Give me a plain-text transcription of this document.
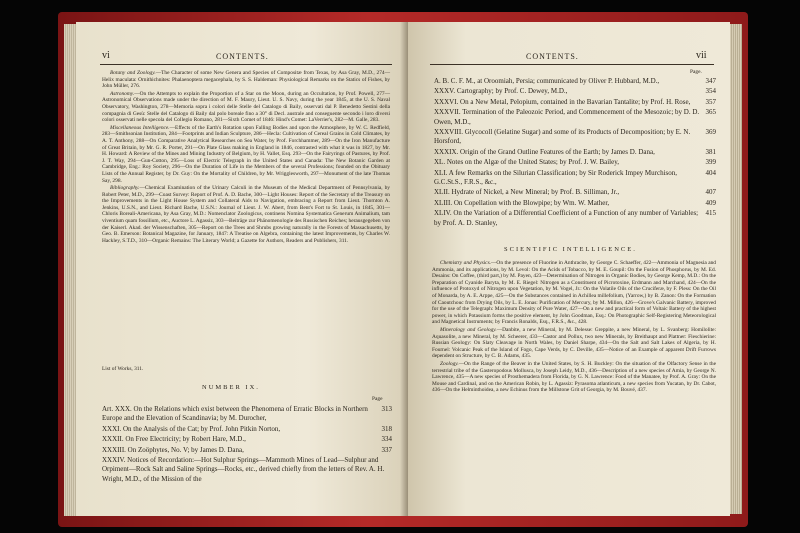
vi	CONTENTS.
Botany and Zoology.—The Character of some New Genera and Species of Compositæ from Texas, by Asa Gray, M.D., 274—Helix maculata: Ornithichnites: Phalaenoptera megacephala, by S. S. Haldeman: Physiological Remarks on the Statics of Fishes, by John Müller, 276.
Astronomy.—On the Attempts to explain the Proportion of a Star on the Moon, during an Occultation, by Prof. Powell, 277—Astronomical Observations made under the direction of M. F. Maury, Lieut. U. S. Navy, during the year 1845, at the U. S. Naval Observatory, Washington, 278—Memoria sopra i colori delle Stelle del Catalogo di Baily, osservati dal P. Benedetto Sestini della compagnia di Gesù: Stelle del Catalogo di Baily dal polo boreale fino a 30° di Decl. australe and conseguente secondo i loro diversi colori osservati nelle specola del Collegio Romano, 281—Sixth Comet of 1846: Hind's Comet: LaVerrier's, 282—M. Galle, 283.
Miscellaneous Intelligence.—Effects of the Earth's Rotation upon Falling Bodies and upon the Atmosphere, by W. C. Redfield, 283—Smithsonian Institution, 284—Footprints and Indian Sculpture, 286—Hecla: Cultivation of Cereal Grains in Cold Climates, by A. T. Anthony, 288—On Comparative Analytical Researches on Sea Water, by Prof. Forchhammer, 289—On the Iron Manufacture of Great Britain, by Mr. G. R. Porter, 291—On Plate Glass making in England in 1846, contrasted with what it was in 1827, by Mr. H. Howard: A Review of the Mines and Mining Industry of Belgium, by H. Vallet, Esq. 293—On the Fairyrings of Pastures, by Prof. J. T. Way, 294—Gun-Cotton, 295—Loss of Electric Telegraph in the United States and Canada: The New Botanic Garden at Cambridge, Eng.: Roy Society, 296—On the Duration of Life in the Members of the several Professions; founded on the Obituary Lists of the Annual Register, by Dr. Guy: On the Mortality of Children, by Mr. Wrigglesworth, 297—Monument of the late Thomas Say, 298.
Bibliography.—Chemical Examination of the Urinary Calculi in the Museum of the Medical Department of Pennsylvania, by Robert Peter, M.D., 299—Coast Survey: Report of Prof. A. D. Bache, 300—Light Houses: Report of the Secretary of the Treasury on the Improvements in the Light House System and Collateral Aids to Navigation, embracing a Report from Lieut. Thornton A. Jenkins, U.S.N., and Lieut. Richard Bache, U.S.N.: Journal of Lieut. J. W. Abert, from Bent's Fort to St. Louis, in 1845, 301—Chloris Boreali-Americana, by Asa Gray, M.D.: Nomenclator Zoologicus, continens Nomina Systematica Generum Animalium, tam viventium quam fossilium, etc., Auctore L. Agassiz, 303—Beiträge zur Phänomenologie des Russischen Reiches; herausgegeben von der Kaiserl. Akad. der Wissenschaften, 305—Report on the Trees and Shrubs growing naturally in the Forests of Massachusetts, by Geo. B. Emerson: Botanical Magazine, for January, 1847: A Treatise on Algebra, containing the latest Improvements, by Charles W. Hackley, S.T.D., 310—Organic Remains: The Literary World; a Gazette for Authors, Readers and Publishers, 311.
List of Works, 311.
NUMBER IX.
Page
313
Art. XXX. On the Relations which exist between the Phenomena of Erratic Blocks in Northern Europe and the Elevation of Scandinavia; by M. Durocher,
318
XXXI. On the Analysis of the Cat; by Prof. John Pitkin Norton,
334
XXXII. On Free Electricity; by Robert Hare, M.D.,
337
XXXIII. On Zoöphytes, No. V; by James D. Dana,
XXXIV. Notices of Recordation:—Hot Sulphur Springs—Mammoth Mines of Lead—Sulphur and Orpiment—Rock Salt and Saline Springs—Rocks, etc., derived chiefly from the letters of Rev. A. H. Wright, M.D., of the Mission of the
CONTENTS.	vii
Page.
347
A. B. C. F. M., at Oroomiah, Persia; communicated by Oliver P. Hubbard, M.D.,
354
XXXV. Cartography; by Prof. C. Dewey, M.D.,
357
XXXVI. On a New Metal, Pelopium, contained in the Bavarian Tantalite; by Prof. H. Rose,
365
XXXVII. Termination of the Paleozoic Period, and Commencement of the Mesozoic; by D. D. Owen, M.D.,
369
XXXVIII. Glycocoll (Gelatine Sugar) and some of its Products of Decomposition; by E. N. Horsford,
381
XXXIX. Origin of the Grand Outline Features of the Earth; by James D. Dana,
399
XL. Notes on the Algæ of the United States; by Prof. J. W. Bailey,
404
XLI. A few Remarks on the Silurian Classification; by Sir Roderick Impey Murchison, G.C.St.S., F.R.S., &c.,
407
XLII. Hydrate of Nickel, a New Mineral; by Prof. B. Silliman, Jr.,
409
XLIII. On Copellation with the Blowpipe; by Wm. W. Mather,
415
XLIV. On the Variation of a Differential Coefficient of a Function of any number of Variables; by Prof. A. D. Stanley,
SCIENTIFIC INTELLIGENCE.
Chemistry and Physics.—On the presence of Fluorine in Anthracite, by George C. Schaeffer, 422—Ammonia of Magnesia and Ammonia, and its applications, by M. Levol: On the Acids of Tobacco, by M. E. Goupil: On the Fusion of Phosphorus, by M. Ed. Desains: On Coffee, (third part,) by M. Payen, 423—Determination of Nitrogen in Organic Bodies, by George Kemp, M.D.: On the Preparation of Cyanide Baryta, by M. E. Riegel: Nitrogen as a Constituent of Picrotoxine, Erdmann and Marchand, 424—On the influence of Protoxyd of Nitrogen upon Vegetation, by M. Vogel, Jr.: On the Volatile Oils of the Cruciferæ, by F. Pless: On the Oil of Monarda, by A. E. Arppe, 425—On the Substances contained in Achillea millefolium, (Yarrow,) by B. Zanon: On the Formation of Caoutchouc from Drying Oils, by L. E. Jonas: Purification of Mercury, by M. Millon, 426—Grove's Galvanic Battery, improved for the use of the Telegraph: Maximum Density of Pure Water, 427—On a new and practical form of Voltaic Battery of the highest power, in which Potassium forms the positive element, by John Goodman, Esq.: On Photographic Self-Registering Meteorological and Magnetical Instruments; by Francis Ronalds, Esq., F.R.S., &c., 428.
Mineralogy and Geology.—Danbite, a new Mineral, by M. Delesse: Greppite, a new Mineral, by L. Svanberg: Homilolite: Aquasolite, a new Mineral, by M. Scheerer, 433—Castor and Pollux, two new Minerals, by Breithaupt and Plattner: Fleschierine: Russian Geology: On Slaty Cleavage in North Wales, by Daniel Sharpe, 434—On the Salt and Salt Lakes of Algeria, by H. Fournel: Volcanic Peak of the Island of Fogo, Cape Verds, by C. Deville, 435—Notice of an Example of apparent Drift Furrows dependent on Structure, by C. B. Adams, 435.
Zoology.—On the Range of the Beaver in the United States, by S. H. Buckley: On the situation of the Olfactory Sense in the terrestrial tribe of the Gasteropodous Mollusca, by Joseph Leidy, M.D., 436—Description of a new species of Amia, by George N. Lawrence, 435—A new species of Prosthemadera from Florida, by G. N. Lawrence: Food of the Manatee, by Prof. A. Gray: On the Mouse and Cardinal, and on the American Robin, by L. Agassiz: Pyrasoma atlanticum, a new species from Yucatan, by Dr. Cabot, 436—On the Helminthoidea, a new Echinus from the Millstone Grit of Georgia, by M. Bouvé, 437.
